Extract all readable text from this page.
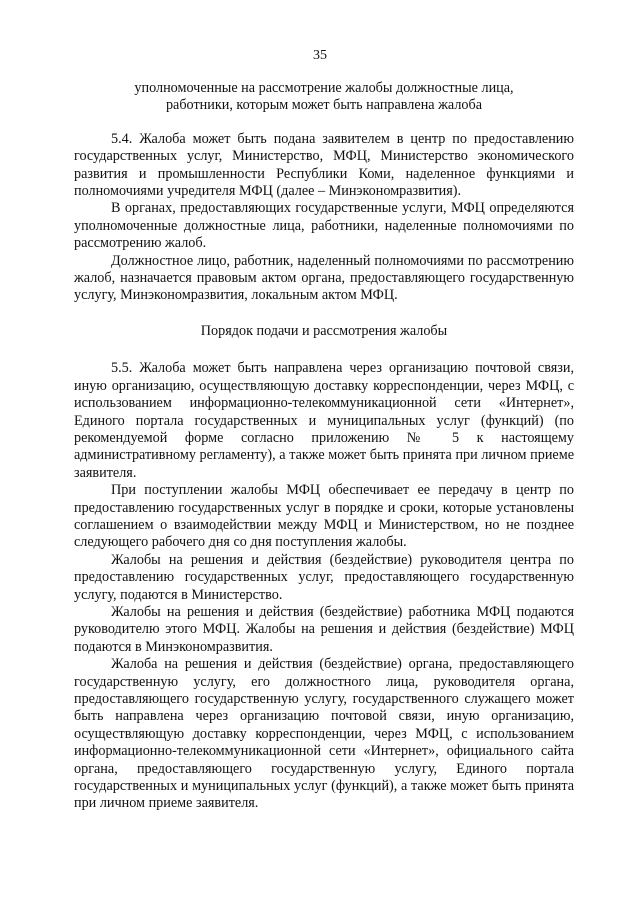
35

уполномоченные на рассмотрение жалобы должностные лица,
работники, которым может быть направлена жалоба

5.4. Жалоба может быть подана заявителем в центр по предоставлению государственных услуг, Министерство, МФЦ, Министерство экономического развития и промышленности Республики Коми, наделенное функциями и полномочиями учредителя МФЦ (далее – Минэкономразвития).

В органах, предоставляющих государственные услуги, МФЦ определяются уполномоченные должностные лица, работники, наделенные полномочиями по рассмотрению жалоб.

Должностное лицо, работник, наделенный полномочиями по рассмотрению жалоб, назначается правовым актом органа, предоставляющего государственную услугу, Минэкономразвития, локальным актом МФЦ.

Порядок подачи и рассмотрения жалобы

5.5. Жалоба может быть направлена через организацию почтовой связи, иную организацию, осуществляющую доставку корреспонденции, через МФЦ, с использованием информационно-телекоммуникационной сети «Интернет», Единого портала государственных и муниципальных услуг (функций) (по рекомендуемой форме согласно приложению № 5 к настоящему административному регламенту), а также может быть принята при личном приеме заявителя.

При поступлении жалобы МФЦ обеспечивает ее передачу в центр по предоставлению государственных услуг в порядке и сроки, которые установлены соглашением о взаимодействии между МФЦ и Министерством, но не позднее следующего рабочего дня со дня поступления жалобы.

Жалобы на решения и действия (бездействие) руководителя центра по предоставлению государственных услуг, предоставляющего государственную услугу, подаются в Министерство.

Жалобы на решения и действия (бездействие) работника МФЦ подаются руководителю этого МФЦ. Жалобы на решения и действия (бездействие) МФЦ подаются в Минэкономразвития.

Жалоба на решения и действия (бездействие) органа, предоставляющего государственную услугу, его должностного лица, руководителя органа, предоставляющего государственную услугу, государственного служащего может быть направлена через организацию почтовой связи, иную организацию, осуществляющую доставку корреспонденции, через МФЦ, с использованием информационно-телекоммуникационной сети «Интернет», официального сайта органа, предоставляющего государственную услугу, Единого портала государственных и муниципальных услуг (функций), а также может быть принята при личном приеме заявителя.
